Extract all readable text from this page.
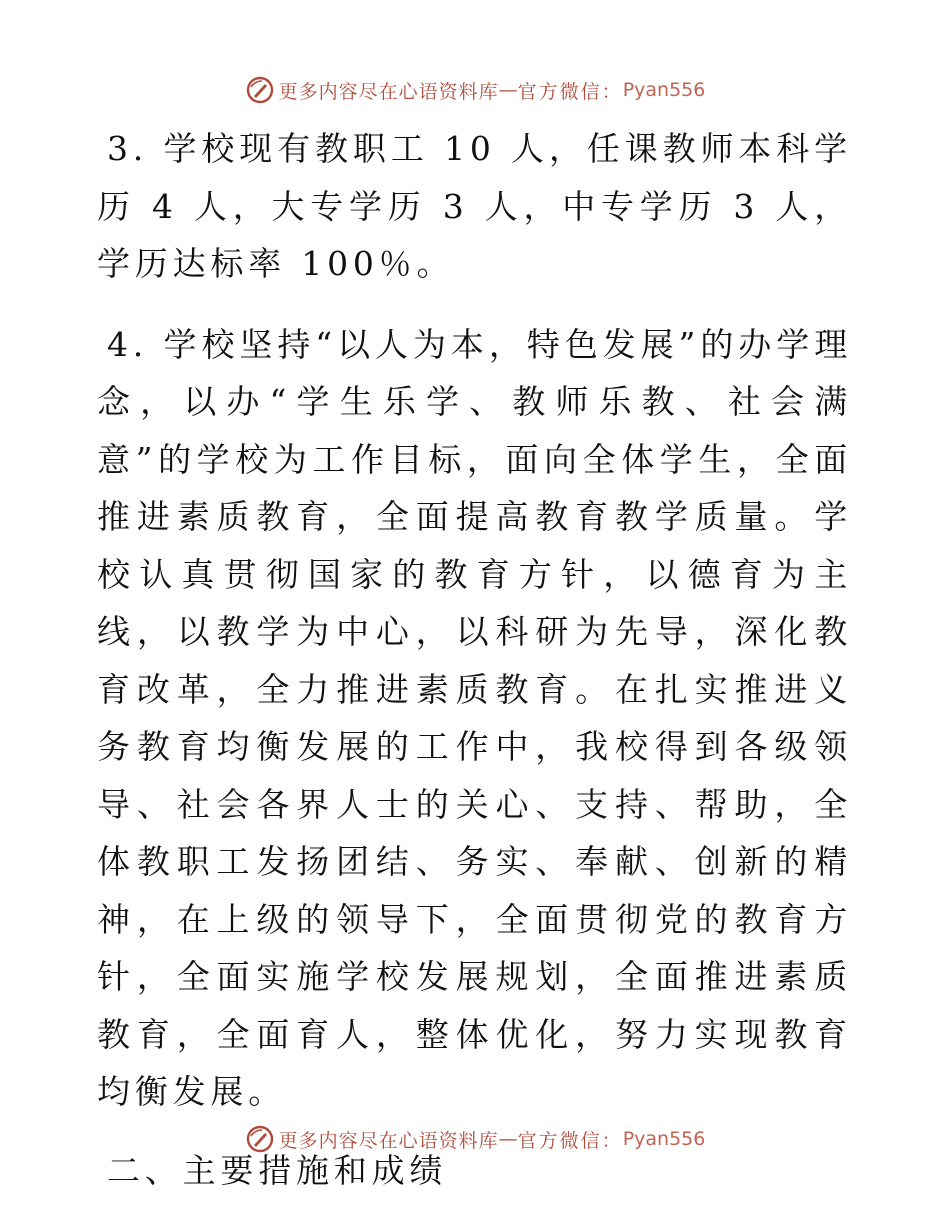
更多内容尽在心语资料库 — 官方微信： Pyan556

3. 学校现有教职工 10 人，任课教师本科学历 4 人，大专学历 3 人，中专学历 3 人，学历达标率 100％。

4. 学校坚持“以人为本，特色发展”的办学理念，以办“学生乐学、教师乐教、社会满意”的学校为工作目标，面向全体学生，全面推进素质教育，全面提高教育教学质量。学校认真贯彻国家的教育方针，以德育为主线，以教学为中心，以科研为先导，深化教育改革，全力推进素质教育。在扎实推进义务教育均衡发展的工作中，我校得到各级领导、社会各界人士的关心、支持、帮助，全体教职工发扬团结、务实、奉献、创新的精神，在上级的领导下，全面贯彻党的教育方针，全面实施学校发展规划，全面推进素质教育，全面育人，整体优化，努力实现教育均衡发展。

二、主要措施和成绩

更多内容尽在心语资料库 — 官方微信： Pyan556
